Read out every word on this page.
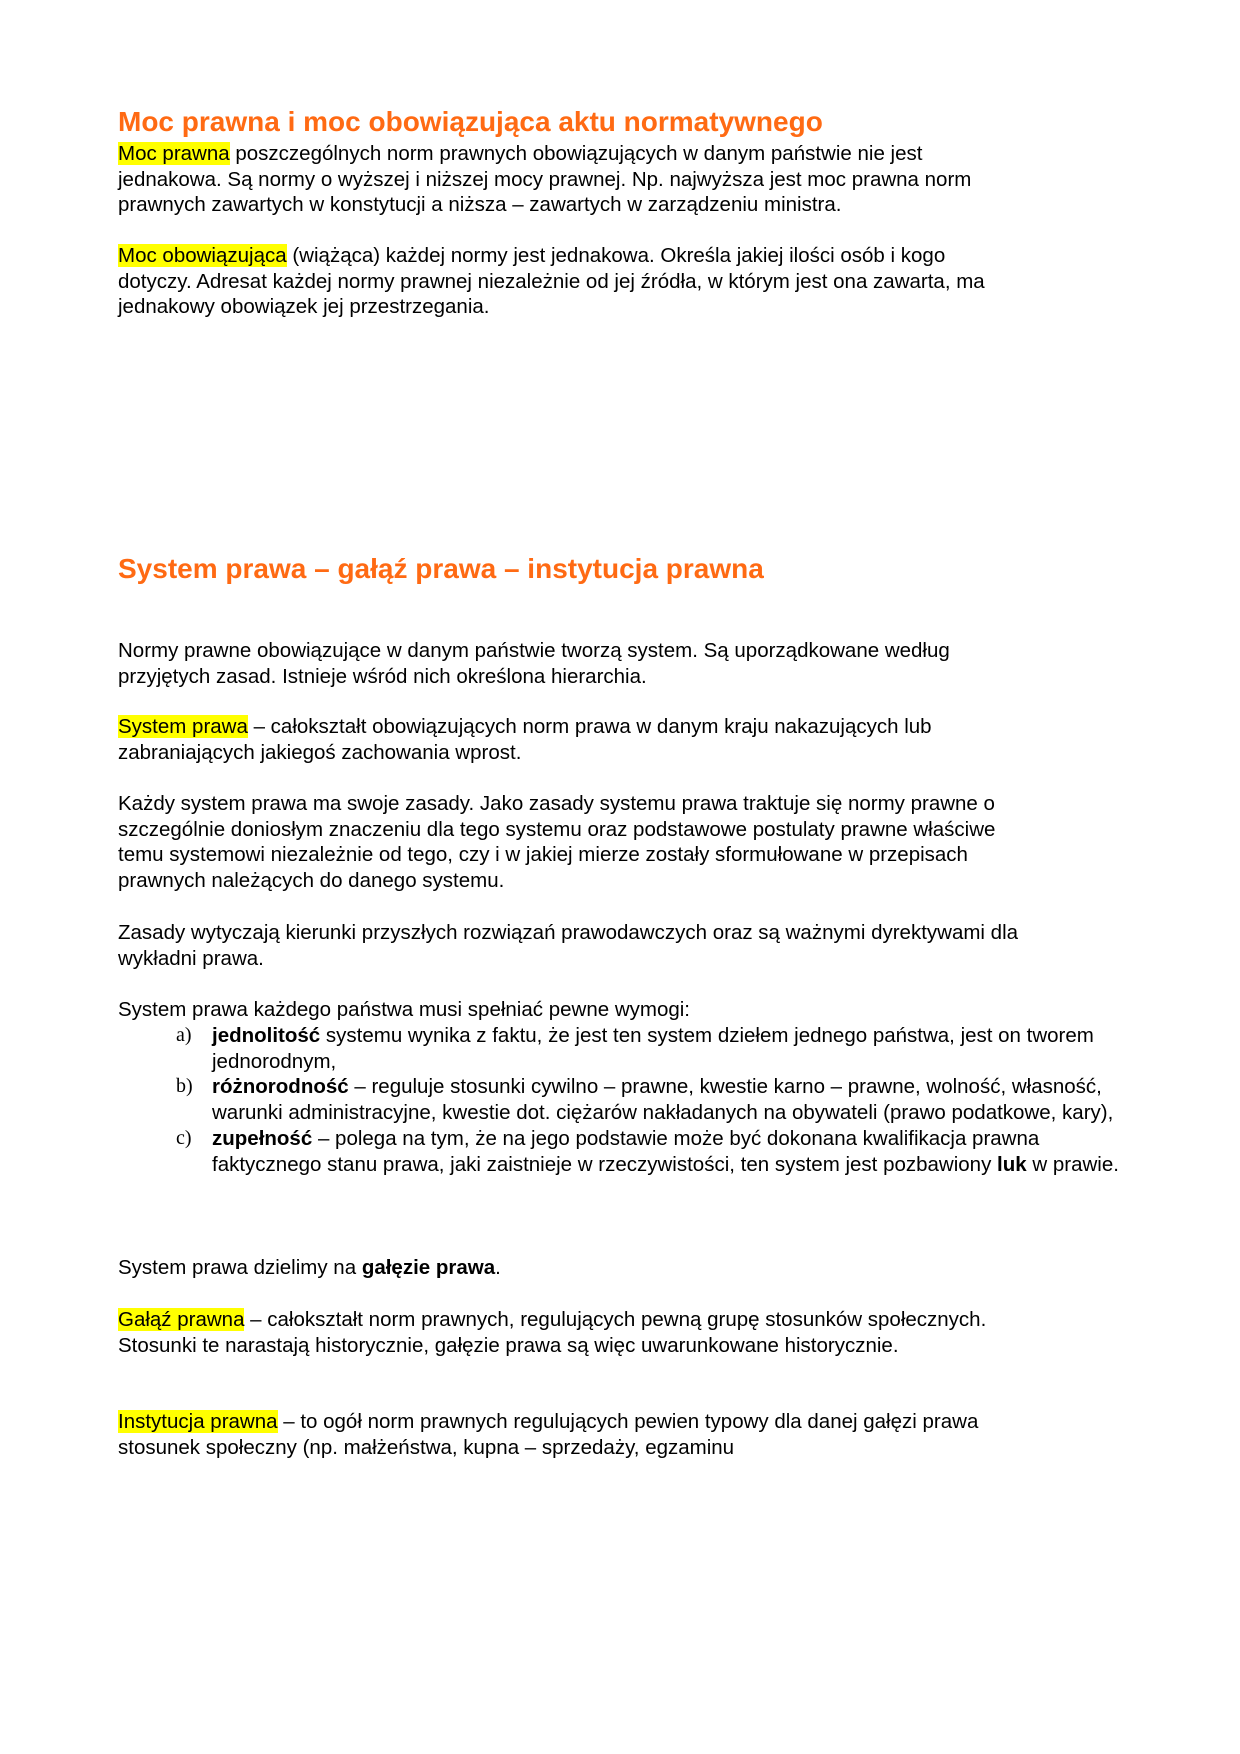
Moc prawna i moc obowiązująca aktu normatywnego
Moc prawna poszczególnych norm prawnych obowiązujących w danym państwie nie jest jednakowa. Są normy o wyższej i niższej mocy prawnej. Np. najwyższa jest moc prawna norm prawnych zawartych w konstytucji a niższa – zawartych w zarządzeniu ministra.
Moc obowiązująca (wiążąca) każdej normy jest jednakowa. Określa jakiej ilości osób i kogo dotyczy. Adresat każdej normy prawnej niezależnie od jej źródła, w którym jest ona zawarta, ma jednakowy obowiązek jej przestrzegania.
System prawa – gałąź prawa – instytucja prawna
Normy prawne obowiązujące w danym państwie tworzą system. Są uporządkowane według przyjętych zasad. Istnieje wśród nich określona hierarchia.
System prawa – całokształt obowiązujących norm prawa w danym kraju nakazujących lub zabraniających jakiegoś zachowania wprost.
Każdy system prawa ma swoje zasady. Jako zasady systemu prawa traktuje się normy prawne o szczególnie doniosłym znaczeniu dla tego systemu oraz podstawowe postulaty prawne właściwe temu systemowi niezależnie od tego, czy i w jakiej mierze zostały sformułowane w przepisach prawnych należących do danego systemu.
Zasady wytyczają kierunki przyszłych rozwiązań prawodawczych oraz są ważnymi dyrektywami dla wykładni prawa.
System prawa każdego państwa musi spełniać pewne wymogi:
a) jednolitość systemu wynika z faktu, że jest ten system dziełem jednego państwa, jest on tworem jednorodnym,
b) różnorodność – reguluje stosunki cywilno – prawne, kwestie karno – prawne, wolność, własność, warunki administracyjne, kwestie dot. ciężarów nakładanych na obywateli (prawo podatkowe, kary),
c) zupełność – polega na tym, że na jego podstawie może być dokonana kwalifikacja prawna faktycznego stanu prawa, jaki zaistnieje w rzeczywistości, ten system jest pozbawiony luk w prawie.
System prawa dzielimy na gałęzie prawa.
Gałąź prawna – całokształt norm prawnych, regulujących pewną grupę stosunków społecznych. Stosunki te narastają historycznie, gałęzie prawa są więc uwarunkowane historycznie.
Instytucja prawna – to ogół norm prawnych regulujących pewien typowy dla danej gałęzi prawa stosunek społeczny (np. małżeństwa, kupna – sprzedaży, egzaminu
